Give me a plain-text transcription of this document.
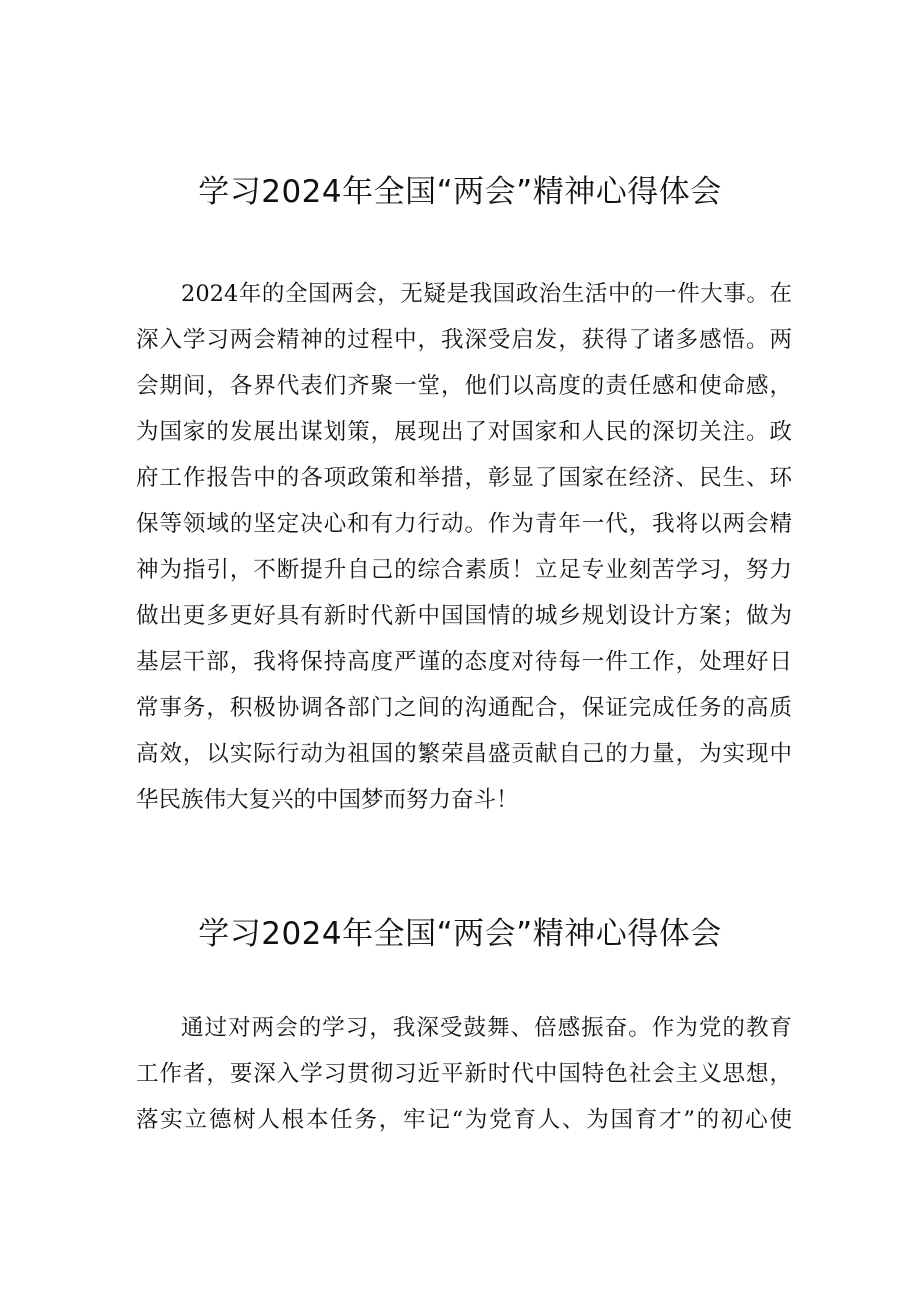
学习2024年全国“两会”精神心得体会
2024年的全国两会，无疑是我国政治生活中的一件大事。在
深入学习两会精神的过程中，我深受启发，获得了诸多感悟。两
会期间，各界代表们齐聚一堂，他们以高度的责任感和使命感，
为国家的发展出谋划策，展现出了对国家和人民的深切关注。政
府工作报告中的各项政策和举措，彰显了国家在经济、民生、环
保等领域的坚定决心和有力行动。作为青年一代，我将以两会精
神为指引，不断提升自己的综合素质！立足专业刻苦学习，努力
做出更多更好具有新时代新中国国情的城乡规划设计方案；做为
基层干部，我将保持高度严谨的态度对待每一件工作，处理好日
常事务，积极协调各部门之间的沟通配合，保证完成任务的高质
高效，以实际行动为祖国的繁荣昌盛贡献自己的力量，为实现中
华民族伟大复兴的中国梦而努力奋斗！
学习2024年全国“两会”精神心得体会
通过对两会的学习，我深受鼓舞、倍感振奋。作为党的教育
工作者，要深入学习贯彻习近平新时代中国特色社会主义思想，
落实立德树人根本任务，牢记“为党育人、为国育才”的初心使
